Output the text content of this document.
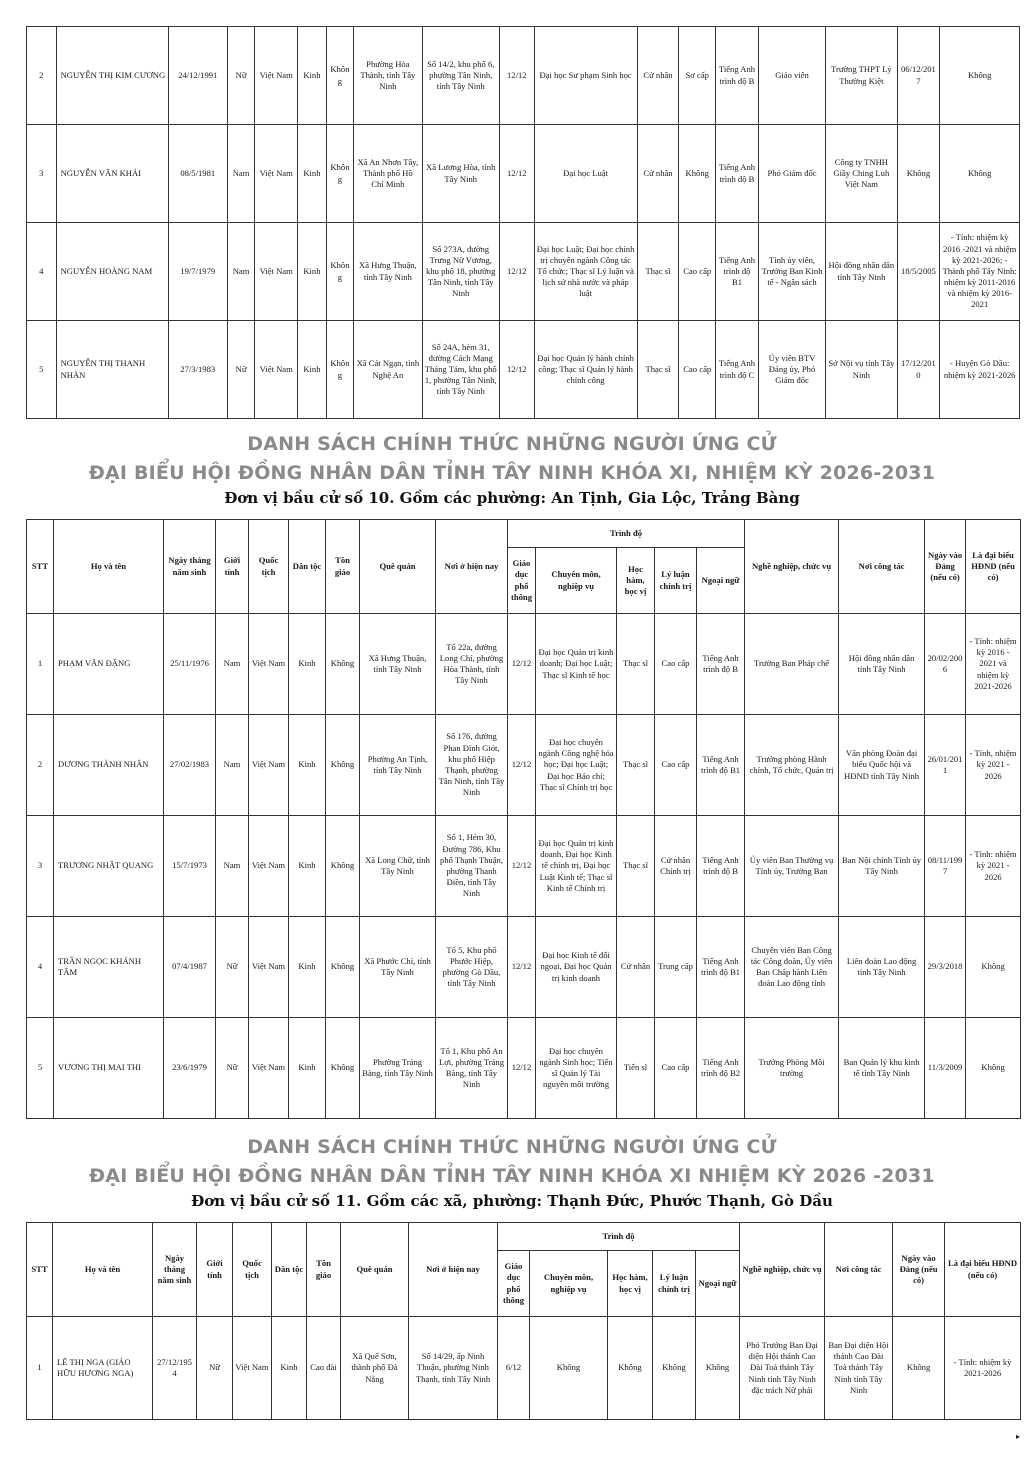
2	NGUYỄN THỊ KIM CƯƠNG	24/12/1991	Nữ	Việt Nam	Kinh	Không	Phường Hòa Thành, tỉnh Tây Ninh	Số 14/2, khu phố 6, phường Tân Ninh, tỉnh Tây Ninh	12/12	Đại học Sư phạm Sinh học	Cử nhân	Sơ cấp	Tiếng Anh trình độ B	Giáo viên	Trường THPT Lý Thường Kiệt	06/12/2017	Không
3	NGUYỄN VĂN KHẢI	08/5/1981	Nam	Việt Nam	Kinh	Không	Xã An Nhơn Tây, Thành phố Hồ Chí Minh	Xã Lương Hòa, tỉnh Tây Ninh	12/12	Đại học Luật	Cử nhân	Không	Tiếng Anh trình độ B	Phó Giám đốc	Công ty TNHH Giầy Ching Luh Việt Nam	Không	Không
4	NGUYỄN HOÀNG NAM	19/7/1979	Nam	Việt Nam	Kinh	Không	Xã Hưng Thuận, tỉnh Tây Ninh	Số 273A, đường Trưng Nữ Vương, khu phố 18, phường Tân Ninh, tỉnh Tây Ninh	12/12	Đại học Luật; Đại học chính trị chuyên ngành Công tác Tổ chức; Thạc sĩ Lý luận và lịch sử nhà nước và pháp luật	Thạc sĩ	Cao cấp	Tiếng Anh trình độ B1	Tỉnh ủy viên, Trưởng Ban Kinh tế - Ngân sách	Hội đồng nhân dân tỉnh Tây Ninh	18/5/2005	- Tỉnh: nhiệm kỳ 2016 -2021 và nhiệm kỳ 2021-2026; - Thành phố Tây Ninh: nhiệm kỳ 2011-2016 và nhiệm kỳ 2016-2021
5	NGUYỄN THỊ THANH NHÀN	27/3/1983	Nữ	Việt Nam	Kinh	Không	Xã Cát Ngạn, tỉnh Nghệ An	Số 24A, hẻm 31, đường Cách Mạng Tháng Tám, khu phố 1, phường Tân Ninh, tỉnh Tây Ninh	12/12	Đại học Quản lý hành chính công; Thạc sĩ Quản lý hành chính công	Thạc sĩ	Cao cấp	Tiếng Anh trình độ C	Ủy viên BTV Đảng ủy, Phó Giám đốc	Sở Nội vụ tỉnh Tây Ninh	17/12/2010	- Huyện Gò Dầu: nhiệm kỳ 2021-2026
DANH SÁCH CHÍNH THỨC NHỮNG NGƯỜI ỨNG CỬ
ĐẠI BIỂU HỘI ĐỒNG NHÂN DÂN TỈNH TÂY NINH KHÓA XI, NHIỆM KỲ 2026-2031
Đơn vị bầu cử số 10. Gồm các phường: An Tịnh, Gia Lộc, Trảng Bàng
STT	Họ và tên	Ngày tháng năm sinh	Giới tính	Quốc tịch	Dân tộc	Tôn giáo	Quê quán	Nơi ở hiện nay	Trình độ					Nghề nghiệp, chức vụ	Nơi công tác	Ngày vào Đảng (nếu có)	Là đại biểu HĐND (nếu có)
									Giáo dục phổ thông	Chuyên môn, nghiệp vụ	Học hàm, học vị	Lý luận chính trị	Ngoại ngữ				
1	PHẠM VĂN ĐẶNG	25/11/1976	Nam	Việt Nam	Kinh	Không	Xã Hưng Thuận, tỉnh Tây Ninh	Tổ 22a, đường Long Chí, phường Hòa Thành, tỉnh Tây Ninh	12/12	Đại học Quản trị kinh doanh; Đại học Luật; Thạc sĩ Kinh tế học	Thạc sĩ	Cao cấp	Tiếng Anh trình độ B	Trưởng Ban Pháp chế	Hội đồng nhân dân tỉnh Tây Ninh	20/02/2006	- Tỉnh: nhiệm kỳ 2016 - 2021 và nhiệm kỳ 2021-2026
2	DƯƠNG THÀNH NHÂN	27/02/1983	Nam	Việt Nam	Kinh	Không	Phường An Tịnh, tỉnh Tây Ninh	Số 176, đường Phan Đình Giót, khu phố Hiệp Thạnh, phường Tân Ninh, tỉnh Tây Ninh	12/12	Đại học chuyên ngành Công nghệ hóa học; Đại học Luật; Đại học Báo chí; Thạc sĩ Chính trị học	Thạc sĩ	Cao cấp	Tiếng Anh trình độ B1	Trưởng phòng Hành chính, Tổ chức, Quản trị	Văn phòng Đoàn đại biểu Quốc hội và HĐND tỉnh Tây Ninh	26/01/2011	- Tỉnh, nhiệm kỳ 2021 - 2026
3	TRƯƠNG NHẬT QUANG	15/7/1973	Nam	Việt Nam	Kinh	Không	Xã Long Chữ, tỉnh Tây Ninh	Số 1, Hẻm 30, Đường 786, Khu phố Thạnh Thuận, phường Thanh Điền, tỉnh Tây Ninh	12/12	Đại học Quản trị kinh doanh, Đại học Kinh tế chính trị, Đại học Luật Kinh tế; Thạc sĩ Kinh tế Chính trị	Thạc sĩ	Cử nhân Chính trị	Tiếng Anh trình độ B	Ủy viên Ban Thường vụ Tỉnh ủy, Trưởng Ban	Ban Nội chính Tỉnh ủy Tây Ninh	08/11/1997	- Tỉnh: nhiệm kỳ 2021 - 2026
4	TRẦN NGỌC KHÁNH TÂM	07/4/1987	Nữ	Việt Nam	Kinh	Không	Xã Phước Chỉ, tỉnh Tây Ninh	Tổ 5, Khu phố Phước Hiệp, phường Gò Dầu, tỉnh Tây Ninh	12/12	Đại học Kinh tế đối ngoại, Đại học Quản trị kinh doanh	Cử nhân	Trung cấp	Tiếng Anh trình độ B1	Chuyên viên Ban Công tác Công đoàn, Ủy viên Ban Chấp hành Liên đoàn Lao động tỉnh	Liên đoàn Lao động tỉnh Tây Ninh	29/3/2018	Không
5	VƯƠNG THỊ MAI THI	23/6/1979	Nữ	Việt Nam	Kinh	Không	Phường Trảng Bàng, tỉnh Tây Ninh	Tổ 1, Khu phố An Lợi, phường Trảng Bàng, tỉnh Tây Ninh	12/12	Đại học chuyên ngành Sinh học; Tiến sĩ Quản lý Tài nguyên môi trường	Tiến sĩ	Cao cấp	Tiếng Anh trình độ B2	Trưởng Phòng Môi trường	Ban Quản lý khu kinh tế tỉnh Tây Ninh	11/3/2009	Không
DANH SÁCH CHÍNH THỨC NHỮNG NGƯỜI ỨNG CỬ
ĐẠI BIỂU HỘI ĐỒNG NHÂN DÂN TỈNH TÂY NINH KHÓA XI NHIỆM KỲ 2026 -2031
Đơn vị bầu cử số 11. Gồm các xã, phường: Thạnh Đức, Phước Thạnh, Gò Dầu
STT	Họ và tên	Ngày tháng năm sinh	Giới tính	Quốc tịch	Dân tộc	Tôn giáo	Quê quán	Nơi ở hiện nay	Trình độ					Nghề nghiệp, chức vụ	Nơi công tác	Ngày vào Đảng (nếu có)	Là đại biểu HĐND (nếu có)
									Giáo dục phổ thông	Chuyên môn, nghiệp vụ	Học hàm, học vị	Lý luận chính trị	Ngoại ngữ				
1	LÊ THỊ NGA (GIÁO HỮU HƯƠNG NGA)	27/12/1954	Nữ	Việt Nam	Kinh	Cao đài	Xã Quế Sơn, thành phố Đà Nẵng	Số 14/29, ấp Ninh Thuận, phường Ninh Thạnh, tỉnh Tây Ninh	6/12	Không	Không	Không	Không	Phó Trưởng Ban Đại diện Hội thánh Cao Đài Toà thánh Tây Ninh tỉnh Tây Ninh đặc trách Nữ phái	Ban Đại diện Hội thánh Cao Đài Toà thánh Tây Ninh tỉnh Tây Ninh	Không	- Tỉnh: nhiệm kỳ 2021-2026
▸
